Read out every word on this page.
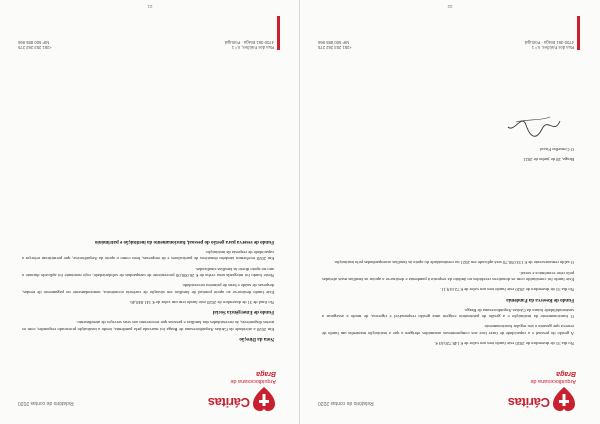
Cáritas
Arquidiocesana de
Braga
Relatório de contas 2020
Nota da Direção

Em 2020 a atividade da Cáritas Arquidiocesana de Braga foi marcada pela pandemia, tendo a instituição procurado responder, com os meios disponíveis, às necessidades das famílias e pessoas que recorreram aos seus serviços de atendimento.

Fundo de Emergência Social

No final de 31 de dezembro de 2020 este fundo tem um valor de € 141.848,46.

Este fundo destina-se ao apoio pontual de famílias em situação de carência económica, nomeadamente no pagamento de rendas, despesas de saúde e bens de primeira necessidade.

Neste fundo foi integrada uma verba de € 26.000,00 proveniente de campanhas de solidariedade, cujo montante foi aplicado durante o ano no apoio direto às famílias sinalizadas.

Em 2020 recebemos também donativos de particulares e de empresas, bem como o apoio da Arquidiocese, que permitiram reforçar a capacidade de resposta da instituição.

Fundo de reserva para gestão do pessoal, funcionamento da instituição e património
Rua dos Falcões, n.º 1
4700-361 Braga · Portugal
+351 253 262 275
NIF 500 885 866
21
Cáritas
Arquidiocesana de
Braga
Relatório de contas 2020

No dia 31 de dezembro de 2020 este fundo tem um valor de € 148.720,63 €.

A gestão do pessoal e a capacidade de fazer face aos compromissos assumidos obrigam a que a instituição mantenha um fundo de reserva que garanta o seu regular funcionamento.

O funcionamento da instituição e a gestão do património exigem uma gestão responsável e rigorosa, de modo a assegurar a sustentabilidade futura da Cáritas Arquidiocesana de Braga.

Fundo de Reserva da Pandemia

No dia 31 de dezembro de 2020 este fundo tem um valor de € 72.619,11.

Este fundo foi constituído com os donativos recebidos no âmbito da resposta à pandemia e destina-se a apoiar as famílias mais afetadas pela crise económica e social.

O saldo remanescente de € 133.050,70 será aplicado em 2021 na continuidade do apoio às famílias acompanhadas pela instituição.

Braga, 28 de junho de 2021
O Conselho Fiscal
Rua dos Falcões, n.º 1
4700-361 Braga · Portugal
+351 253 262 275
NIF 500 885 866
22
